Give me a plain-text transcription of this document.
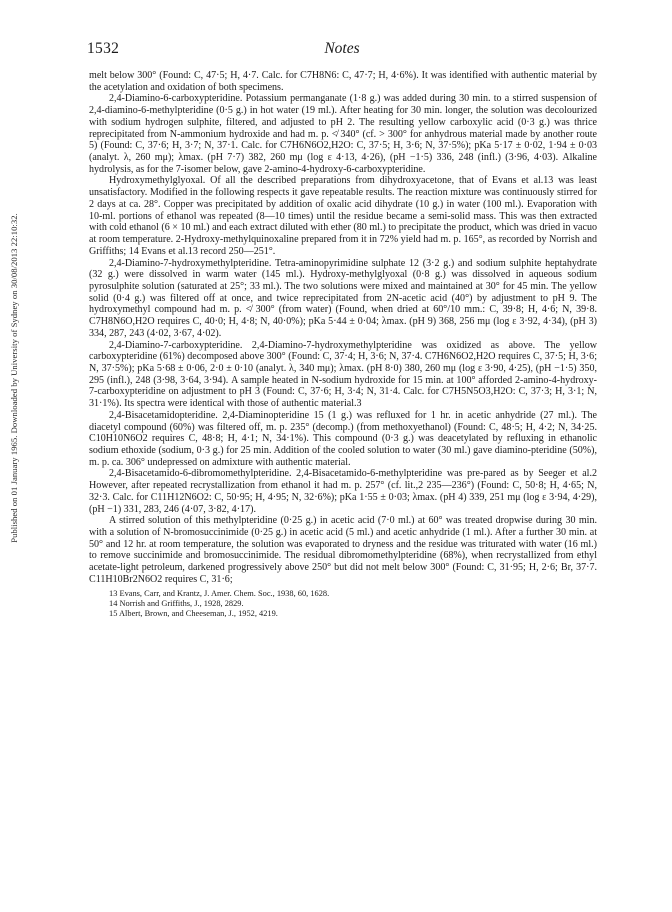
Published on 01 January 1965. Downloaded by University of Sydney on 30/08/2013 22:10:32.
1532	Notes

melt below 300° (Found: C, 47·5; H, 4·7. Calc. for C7H8N6: C, 47·7; H, 4·6%). It was identified with authentic material by the acetylation and oxidation of both specimens.

2,4-Diamino-6-carboxypteridine. Potassium permanganate (1·8 g.) was added during 30 min. to a stirred suspension of 2,4-diamino-6-methylpteridine (0·5 g.) in hot water (19 ml.). After heating for 30 min. longer, the solution was decolourized with sodium hydrogen sulphite, filtered, and adjusted to pH 2. The resulting yellow carboxylic acid (0·3 g.) was thrice reprecipitated from N-ammonium hydroxide and had m. p. ≮ 340° (cf. > 300° for anhydrous material made by another route 5) (Found: C, 37·6; H, 3·7; N, 37·1. Calc. for C7H6N6O2,H2O: C, 37·5; H, 3·6; N, 37·5%); pKa 5·17 ± 0·02, 1·94 ± 0·03 (analyt. λ, 260 mμ); λmax. (pH 7·7) 382, 260 mμ (log ε 4·13, 4·26), (pH −1·5) 336, 248 (infl.) (3·96, 4·03). Alkaline hydrolysis, as for the 7-isomer below, gave 2-amino-4-hydroxy-6-carboxypteridine.

Hydroxymethylglyoxal. Of all the described preparations from dihydroxyacetone, that of Evans et al.13 was least unsatisfactory. Modified in the following respects it gave repeatable results. The reaction mixture was continuously stirred for 2 days at ca. 28°. Copper was precipitated by addition of oxalic acid dihydrate (10 g.) in water (100 ml.). Evaporation with 10-ml. portions of ethanol was repeated (8—10 times) until the residue became a semi-solid mass. This was then extracted with cold ethanol (6 × 10 ml.) and each extract diluted with ether (80 ml.) to precipitate the product, which was dried in vacuo at room temperature. 2-Hydroxy-methylquinoxaline prepared from it in 72% yield had m. p. 165°, as recorded by Norrish and Griffiths; 14 Evans et al.13 record 250—251°.

2,4-Diamino-7-hydroxymethylpteridine. Tetra-aminopyrimidine sulphate 12 (3·2 g.) and sodium sulphite heptahydrate (32 g.) were dissolved in warm water (145 ml.). Hydroxy-methylglyoxal (0·8 g.) was dissolved in aqueous sodium pyrosulphite solution (saturated at 25°; 33 ml.). The two solutions were mixed and maintained at 30° for 45 min. The yellow solid (0·4 g.) was filtered off at once, and twice reprecipitated from 2N-acetic acid (40°) by adjustment to pH 9. The hydroxymethyl compound had m. p. ≮ 300° (from water) (Found, when dried at 60°/10 mm.: C, 39·8; H, 4·6; N, 39·8. C7H8N6O,H2O requires C, 40·0; H, 4·8; N, 40·0%); pKa 5·44 ± 0·04; λmax. (pH 9) 368, 256 mμ (log ε 3·92, 4·34), (pH 3) 334, 287, 243 (4·02, 3·67, 4·02).

2,4-Diamino-7-carboxypteridine. 2,4-Diamino-7-hydroxymethylpteridine was oxidized as above. The yellow carboxypteridine (61%) decomposed above 300° (Found: C, 37·4; H, 3·6; N, 37·4. C7H6N6O2,H2O requires C, 37·5; H, 3·6; N, 37·5%); pKa 5·68 ± 0·06, 2·0 ± 0·10 (analyt. λ, 340 mμ); λmax. (pH 8·0) 380, 260 mμ (log ε 3·90, 4·25), (pH −1·5) 350, 295 (infl.), 248 (3·98, 3·64, 3·94). A sample heated in N-sodium hydroxide for 15 min. at 100° afforded 2-amino-4-hydroxy-7-carboxypteridine on adjustment to pH 3 (Found: C, 37·6; H, 3·4; N, 31·4. Calc. for C7H5N5O3,H2O: C, 37·3; H, 3·1; N, 31·1%). Its spectra were identical with those of authentic material.3

2,4-Bisacetamidopteridine. 2,4-Diaminopteridine 15 (1 g.) was refluxed for 1 hr. in acetic anhydride (27 ml.). The diacetyl compound (60%) was filtered off, m. p. 235° (decomp.) (from methoxyethanol) (Found: C, 48·5; H, 4·2; N, 34·25. C10H10N6O2 requires C, 48·8; H, 4·1; N, 34·1%). This compound (0·3 g.) was deacetylated by refluxing in ethanolic sodium ethoxide (sodium, 0·3 g.) for 25 min. Addition of the cooled solution to water (30 ml.) gave diamino-pteridine (50%), m. p. ca. 306° undepressed on admixture with authentic material.

2,4-Bisacetamido-6-dibromomethylpteridine. 2,4-Bisacetamido-6-methylpteridine was pre-pared as by Seeger et al.2 However, after repeated recrystallization from ethanol it had m. p. 257° (cf. lit.,2 235—236°) (Found: C, 50·8; H, 4·65; N, 32·3. Calc. for C11H12N6O2: C, 50·95; H, 4·95; N, 32·6%); pKa 1·55 ± 0·03; λmax. (pH 4) 339, 251 mμ (log ε 3·94, 4·29), (pH −1) 331, 283, 246 (4·07, 3·82, 4·17).

A stirred solution of this methylpteridine (0·25 g.) in acetic acid (7·0 ml.) at 60° was treated dropwise during 30 min. with a solution of N-bromosuccinimide (0·25 g.) in acetic acid (5 ml.) and acetic anhydride (1 ml.). After a further 30 min. at 50° and 12 hr. at room temperature, the solution was evaporated to dryness and the residue was triturated with water (16 ml.) to remove succinimide and bromosuccinimide. The residual dibromomethylpteridine (68%), when recrystallized from ethyl acetate-light petroleum, darkened progressively above 250° but did not melt below 300° (Found: C, 31·95; H, 2·6; Br, 37·7. C11H10Br2N6O2 requires C, 31·6;

13 Evans, Carr, and Krantz, J. Amer. Chem. Soc., 1938, 60, 1628.
14 Norrish and Griffiths, J., 1928, 2829.
15 Albert, Brown, and Cheeseman, J., 1952, 4219.
